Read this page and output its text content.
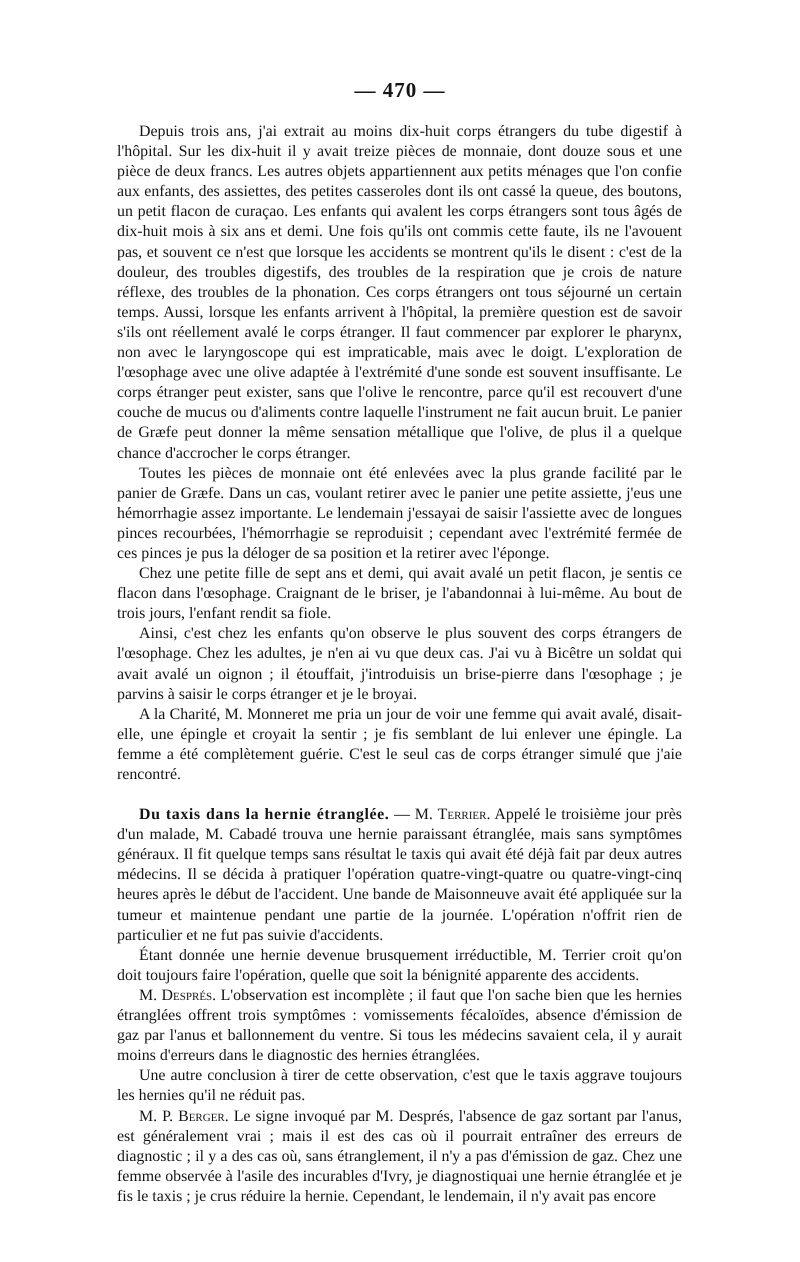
— 470 —

Depuis trois ans, j'ai extrait au moins dix-huit corps étrangers du tube digestif à l'hôpital. Sur les dix-huit il y avait treize pièces de monnaie, dont douze sous et une pièce de deux francs. Les autres objets appartiennent aux petits ménages que l'on confie aux enfants, des assiettes, des petites casseroles dont ils ont cassé la queue, des boutons, un petit flacon de curaçao. Les enfants qui avalent les corps étrangers sont tous âgés de dix-huit mois à six ans et demi. Une fois qu'ils ont commis cette faute, ils ne l'avouent pas, et souvent ce n'est que lorsque les accidents se montrent qu'ils le disent : c'est de la douleur, des troubles digestifs, des troubles de la respiration que je crois de nature réflexe, des troubles de la phonation. Ces corps étrangers ont tous séjourné un certain temps. Aussi, lorsque les enfants arrivent à l'hôpital, la première question est de savoir s'ils ont réellement avalé le corps étranger. Il faut commencer par explorer le pharynx, non avec le laryngoscope qui est impraticable, mais avec le doigt. L'exploration de l'œsophage avec une olive adaptée à l'extrémité d'une sonde est souvent insuffisante. Le corps étranger peut exister, sans que l'olive le rencontre, parce qu'il est recouvert d'une couche de mucus ou d'aliments contre laquelle l'instrument ne fait aucun bruit. Le panier de Græfe peut donner la même sensation métallique que l'olive, de plus il a quelque chance d'accrocher le corps étranger.

Toutes les pièces de monnaie ont été enlevées avec la plus grande facilité par le panier de Græfe. Dans un cas, voulant retirer avec le panier une petite assiette, j'eus une hémorrhagie assez importante. Le lendemain j'essayai de saisir l'assiette avec de longues pinces recourbées, l'hémorrhagie se reproduisit ; cependant avec l'extrémité fermée de ces pinces je pus la déloger de sa position et la retirer avec l'éponge.

Chez une petite fille de sept ans et demi, qui avait avalé un petit flacon, je sentis ce flacon dans l'œsophage. Craignant de le briser, je l'abandonnai à lui-même. Au bout de trois jours, l'enfant rendit sa fiole.

Ainsi, c'est chez les enfants qu'on observe le plus souvent des corps étrangers de l'œsophage. Chez les adultes, je n'en ai vu que deux cas. J'ai vu à Bicêtre un soldat qui avait avalé un oignon ; il étouffait, j'introduisis un brise-pierre dans l'œsophage ; je parvins à saisir le corps étranger et je le broyai.

A la Charité, M. Monneret me pria un jour de voir une femme qui avait avalé, disait-elle, une épingle et croyait la sentir ; je fis semblant de lui enlever une épingle. La femme a été complètement guérie. C'est le seul cas de corps étranger simulé que j'aie rencontré.

Du taxis dans la hernie étranglée. — M. Terrier. Appelé le troisième jour près d'un malade, M. Cabadé trouva une hernie paraissant étranglée, mais sans symptômes généraux. Il fit quelque temps sans résultat le taxis qui avait été déjà fait par deux autres médecins. Il se décida à pratiquer l'opération quatre-vingt-quatre ou quatre-vingt-cinq heures après le début de l'accident. Une bande de Maisonneuve avait été appliquée sur la tumeur et maintenue pendant une partie de la journée. L'opération n'offrit rien de particulier et ne fut pas suivie d'accidents.

Étant donnée une hernie devenue brusquement irréductible, M. Terrier croit qu'on doit toujours faire l'opération, quelle que soit la bénignité apparente des accidents.

M. Després. L'observation est incomplète ; il faut que l'on sache bien que les hernies étranglées offrent trois symptômes : vomissements fécaloïdes, absence d'émission de gaz par l'anus et ballonnement du ventre. Si tous les médecins savaient cela, il y aurait moins d'erreurs dans le diagnostic des hernies étranglées.

Une autre conclusion à tirer de cette observation, c'est que le taxis aggrave toujours les hernies qu'il ne réduit pas.

M. P. Berger. Le signe invoqué par M. Després, l'absence de gaz sortant par l'anus, est généralement vrai ; mais il est des cas où il pourrait entraîner des erreurs de diagnostic ; il y a des cas où, sans étranglement, il n'y a pas d'émission de gaz. Chez une femme observée à l'asile des incurables d'Ivry, je diagnostiquai une hernie étranglée et je fis le taxis ; je crus réduire la hernie. Cependant, le lendemain, il n'y avait pas encore
